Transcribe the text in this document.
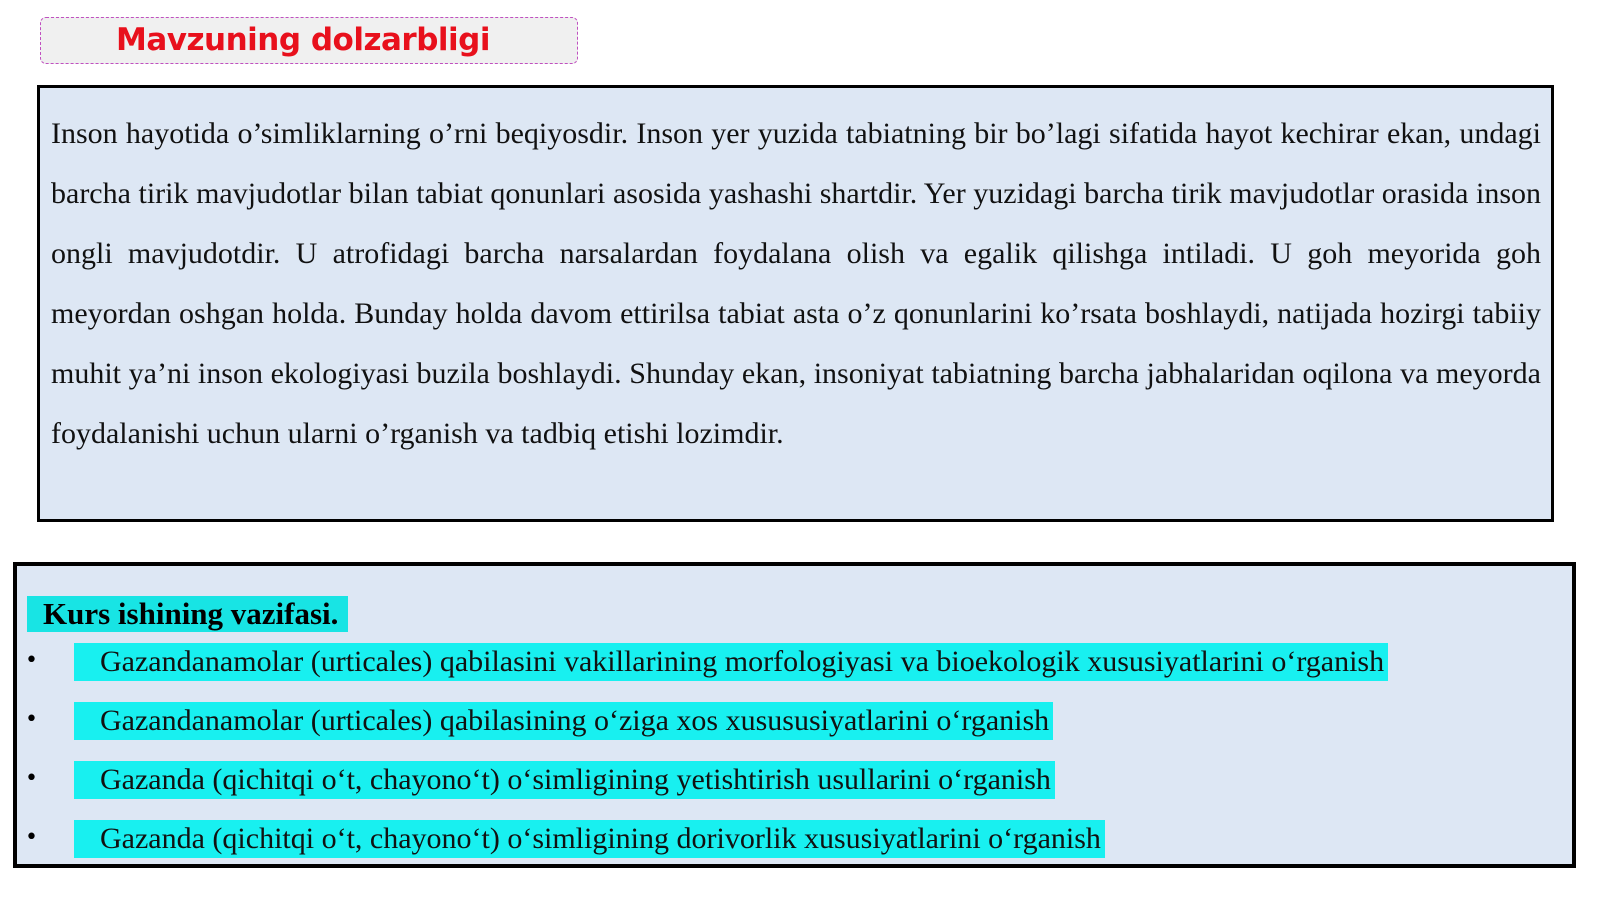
Mavzuning dolzarbligi

Inson hayotida o’simliklarning o’rni beqiyosdir. Inson yer yuzida tabiatning bir bo’lagi sifatida hayot kechirar ekan, undagi barcha tirik mavjudotlar bilan tabiat qonunlari asosida yashashi shartdir. Yer yuzidagi barcha tirik mavjudotlar orasida inson ongli mavjudotdir. U atrofidagi barcha narsalardan foydalana olish va egalik qilishga intiladi. U goh meyorida goh meyordan oshgan holda. Bunday holda davom ettirilsa tabiat asta o’z qonunlarini ko’rsata boshlaydi, natijada hozirgi tabiiy muhit ya’ni inson ekologiyasi buzila boshlaydi. Shunday ekan, insoniyat tabiatning barcha jabhalaridan oqilona va meyorda foydalanishi uchun ularni o’rganish va tadbiq etishi lozimdir.

Kurs ishining vazifasi.
•	Gazandanamolar (urticales) qabilasini vakillarining morfologiyasi va bioekologik xususiyatlarini o‘rganish
•	Gazandanamolar (urticales) qabilasining o‘ziga xos xusususiyatlarini o‘rganish
•	Gazanda (qichitqi o‘t, chayono‘t) o‘simligining yetishtirish usullarini o‘rganish
•	Gazanda (qichitqi o‘t, chayono‘t) o‘simligining dorivorlik xususiyatlarini o‘rganish
